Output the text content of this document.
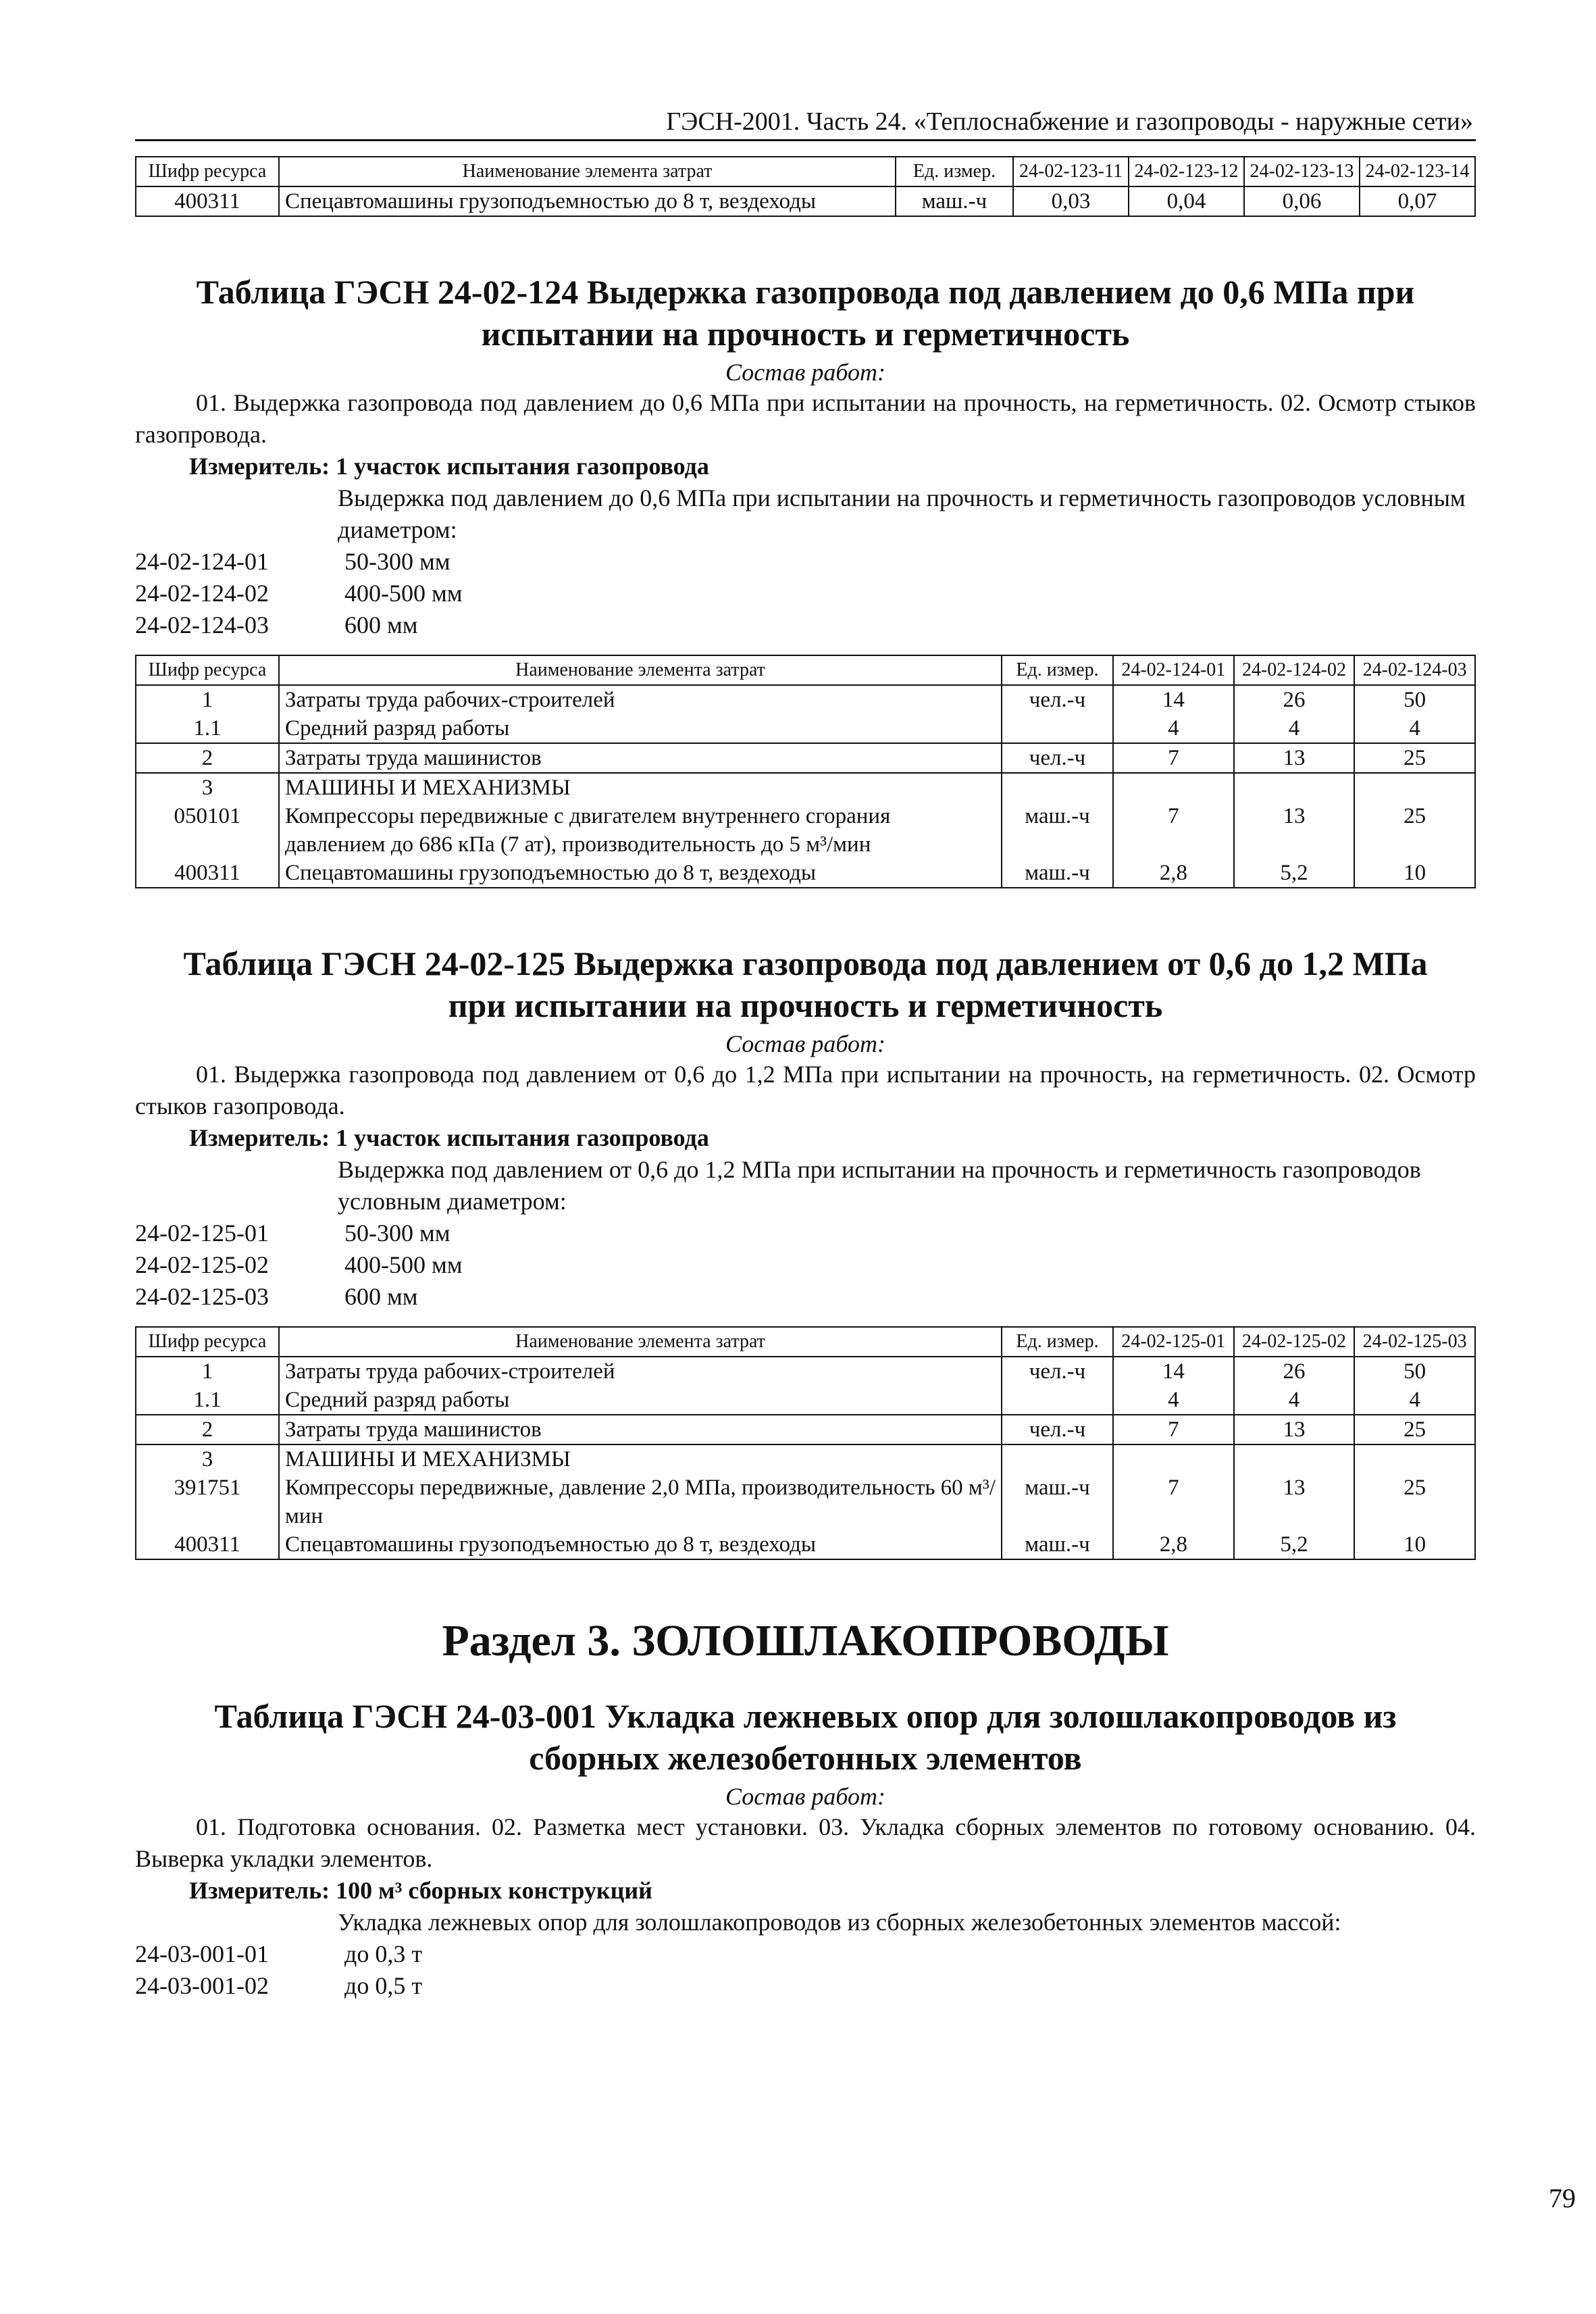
ГЭСН-2001. Часть 24. «Теплоснабжение и газопроводы - наружные сети»
Шифр ресурса	Наименование элемента затрат	Ед. измер.	24-02-123-11	24-02-123-12	24-02-123-13	24-02-123-14
400311	Спецавтомашины грузоподъемностью до 8 т, вездеходы	маш.-ч	0,03	0,04	0,06	0,07
Таблица ГЭСН 24-02-124 Выдержка газопровода под давлением до 0,6 МПа при испытании на прочность и герметичность
Состав работ:

01. Выдержка газопровода под давлением до 0,6 МПа при испытании на прочность, на герметичность. 02. Осмотр стыков газопровода.

Измеритель: 1 участок испытания газопровода
Выдержка под давлением до 0,6 МПа при испытании на прочность и герметичность газопроводов условным диаметром:
24-02-124-01	50-300 мм
24-02-124-02	400-500 мм
24-02-124-03	600 мм
Шифр ресурса	Наименование элемента затрат	Ед. измер.	24-02-124-01	24-02-124-02	24-02-124-03
1	Затраты труда рабочих-строителей	чел.-ч	14	26	50
1.1	Средний разряд работы		4	4	4
2	Затраты труда машинистов	чел.-ч	7	13	25
3	МАШИНЫ И МЕХАНИЗМЫ				
050101	Компрессоры передвижные с двигателем внутреннего сгорания давлением до 686 кПа (7 ат), производительность до 5 м³/мин	маш.-ч	7	13	25
400311	Спецавтомашины грузоподъемностью до 8 т, вездеходы	маш.-ч	2,8	5,2	10
Таблица ГЭСН 24-02-125 Выдержка газопровода под давлением от 0,6 до 1,2 МПа при испытании на прочность и герметичность
Состав работ:

01. Выдержка газопровода под давлением от 0,6 до 1,2 МПа при испытании на прочность, на герметичность. 02. Осмотр стыков газопровода.

Измеритель: 1 участок испытания газопровода
Выдержка под давлением от 0,6 до 1,2 МПа при испытании на прочность и герметичность газопроводов условным диаметром:
24-02-125-01	50-300 мм
24-02-125-02	400-500 мм
24-02-125-03	600 мм
Шифр ресурса	Наименование элемента затрат	Ед. измер.	24-02-125-01	24-02-125-02	24-02-125-03
1	Затраты труда рабочих-строителей	чел.-ч	14	26	50
1.1	Средний разряд работы		4	4	4
2	Затраты труда машинистов	чел.-ч	7	13	25
3	МАШИНЫ И МЕХАНИЗМЫ				
391751	Компрессоры передвижные, давление 2,0 МПа, производительность 60 м³/мин	маш.-ч	7	13	25
400311	Спецавтомашины грузоподъемностью до 8 т, вездеходы	маш.-ч	2,8	5,2	10
Раздел 3. ЗОЛОШЛАКОПРОВОДЫ
Таблица ГЭСН 24-03-001 Укладка лежневых опор для золошлакопроводов из сборных железобетонных элементов
Состав работ:

01. Подготовка основания. 02. Разметка мест установки. 03. Укладка сборных элементов по готовому основанию. 04. Выверка укладки элементов.

Измеритель: 100 м³ сборных конструкций
Укладка лежневых опор для золошлакопроводов из сборных железобетонных элементов массой:
24-03-001-01	до 0,3 т
24-03-001-02	до 0,5 т
79
